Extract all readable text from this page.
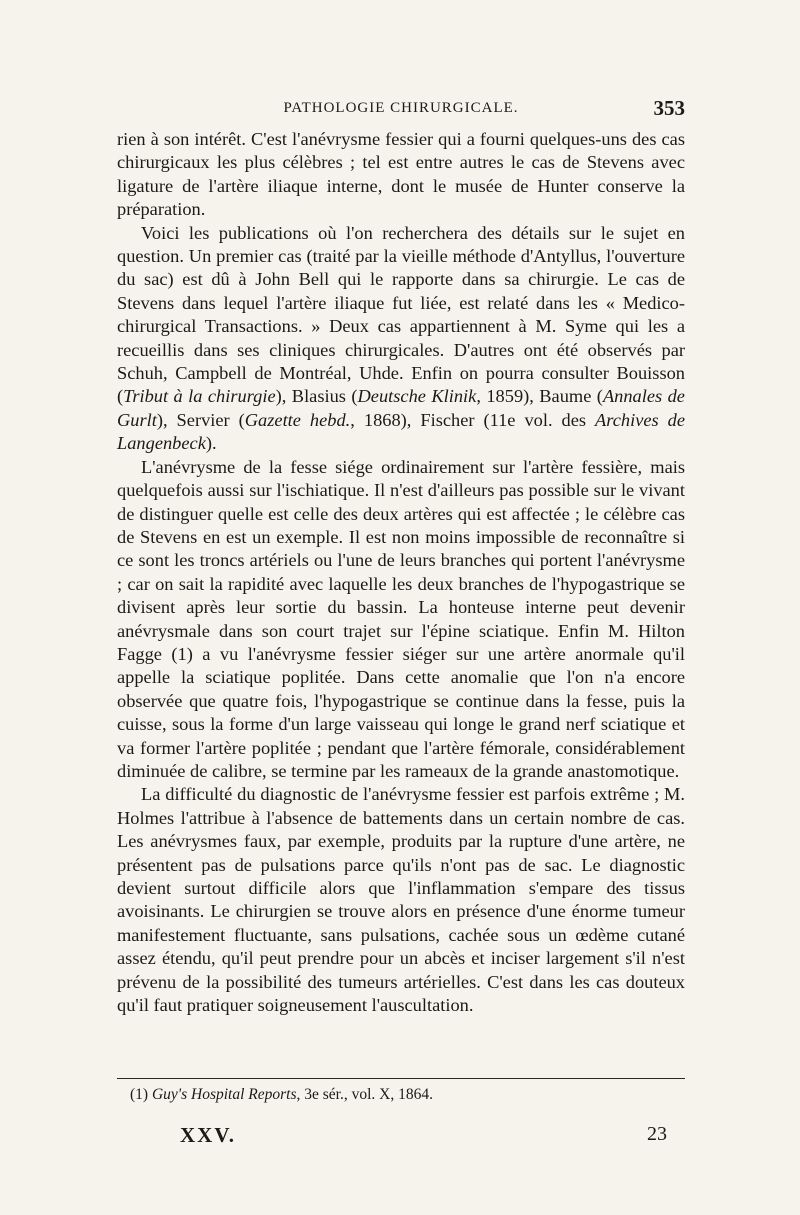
PATHOLOGIE CHIRURGICALE.	353

rien à son intérêt. C'est l'anévrysme fessier qui a fourni quelques-uns des cas chirurgicaux les plus célèbres ; tel est entre autres le cas de Stevens avec ligature de l'artère iliaque interne, dont le musée de Hunter conserve la préparation.

Voici les publications où l'on recherchera des détails sur le sujet en question. Un premier cas (traité par la vieille méthode d'Antyllus, l'ouverture du sac) est dû à John Bell qui le rapporte dans sa chirurgie. Le cas de Stevens dans lequel l'artère iliaque fut liée, est relaté dans les « Medico-chirurgical Transactions. » Deux cas appartiennent à M. Syme qui les a recueillis dans ses cliniques chirurgicales. D'autres ont été observés par Schuh, Campbell de Montréal, Uhde. Enfin on pourra consulter Bouisson (Tribut à la chirurgie), Blasius (Deutsche Klinik, 1859), Baume (Annales de Gurlt), Servier (Gazette hebd., 1868), Fischer (11e vol. des Archives de Langenbeck).

L'anévrysme de la fesse siége ordinairement sur l'artère fessière, mais quelquefois aussi sur l'ischiatique. Il n'est d'ailleurs pas possible sur le vivant de distinguer quelle est celle des deux artères qui est affectée ; le célèbre cas de Stevens en est un exemple. Il est non moins impossible de reconnaître si ce sont les troncs artériels ou l'une de leurs branches qui portent l'anévrysme ; car on sait la rapidité avec laquelle les deux branches de l'hypogastrique se divisent après leur sortie du bassin. La honteuse interne peut devenir anévrysmale dans son court trajet sur l'épine sciatique. Enfin M. Hilton Fagge (1) a vu l'anévrysme fessier siéger sur une artère anormale qu'il appelle la sciatique poplitée. Dans cette anomalie que l'on n'a encore observée que quatre fois, l'hypogastrique se continue dans la fesse, puis la cuisse, sous la forme d'un large vaisseau qui longe le grand nerf sciatique et va former l'artère poplitée ; pendant que l'artère fémorale, considérablement diminuée de calibre, se termine par les rameaux de la grande anastomotique.

La difficulté du diagnostic de l'anévrysme fessier est parfois extrême ; M. Holmes l'attribue à l'absence de battements dans un certain nombre de cas. Les anévrysmes faux, par exemple, produits par la rupture d'une artère, ne présentent pas de pulsations parce qu'ils n'ont pas de sac. Le diagnostic devient surtout difficile alors que l'inflammation s'empare des tissus avoisinants. Le chirurgien se trouve alors en présence d'une énorme tumeur manifestement fluctuante, sans pulsations, cachée sous un œdème cutané assez étendu, qu'il peut prendre pour un abcès et inciser largement s'il n'est prévenu de la possibilité des tumeurs artérielles. C'est dans les cas douteux qu'il faut pratiquer soigneusement l'auscultation.

(1) Guy's Hospital Reports, 3e sér., vol. X, 1864.
XXV.	23
